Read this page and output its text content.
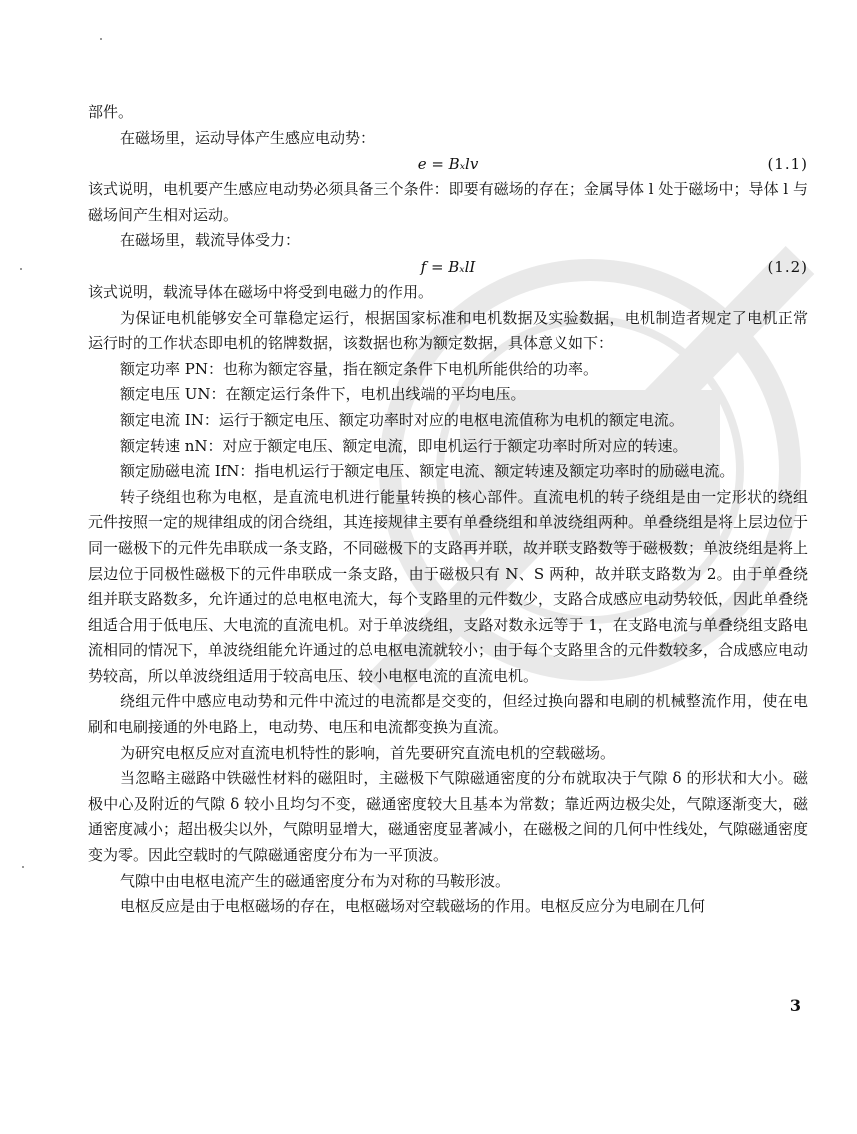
部件。

在磁场里，运动导体产生感应电动势：

e = Bₓlv	(1.1)

该式说明，电机要产生感应电动势必须具备三个条件：即要有磁场的存在；金属导体 l 处于磁场中；导体 l 与磁场间产生相对运动。

在磁场里，载流导体受力：

f = BₓlI	(1.2)

该式说明，载流导体在磁场中将受到电磁力的作用。

为保证电机能够安全可靠稳定运行，根据国家标准和电机数据及实验数据，电机制造者规定了电机正常运行时的工作状态即电机的铭牌数据，该数据也称为额定数据，具体意义如下：

额定功率 PN：也称为额定容量，指在额定条件下电机所能供给的功率。

额定电压 UN：在额定运行条件下，电机出线端的平均电压。

额定电流 IN：运行于额定电压、额定功率时对应的电枢电流值称为电机的额定电流。

额定转速 nN：对应于额定电压、额定电流，即电机运行于额定功率时所对应的转速。

额定励磁电流 IfN：指电机运行于额定电压、额定电流、额定转速及额定功率时的励磁电流。

转子绕组也称为电枢，是直流电机进行能量转换的核心部件。直流电机的转子绕组是由一定形状的绕组元件按照一定的规律组成的闭合绕组，其连接规律主要有单叠绕组和单波绕组两种。单叠绕组是将上层边位于同一磁极下的元件先串联成一条支路，不同磁极下的支路再并联，故并联支路数等于磁极数；单波绕组是将上层边位于同极性磁极下的元件串联成一条支路，由于磁极只有 N、S 两种，故并联支路数为 2。由于单叠绕组并联支路数多，允许通过的总电枢电流大，每个支路里的元件数少，支路合成感应电动势较低，因此单叠绕组适合用于低电压、大电流的直流电机。对于单波绕组，支路对数永远等于 1，在支路电流与单叠绕组支路电流相同的情况下，单波绕组能允许通过的总电枢电流就较小；由于每个支路里含的元件数较多，合成感应电动势较高，所以单波绕组适用于较高电压、较小电枢电流的直流电机。

绕组元件中感应电动势和元件中流过的电流都是交变的，但经过换向器和电刷的机械整流作用，使在电刷和电刷接通的外电路上，电动势、电压和电流都变换为直流。

为研究电枢反应对直流电机特性的影响，首先要研究直流电机的空载磁场。

当忽略主磁路中铁磁性材料的磁阻时，主磁极下气隙磁通密度的分布就取决于气隙 δ 的形状和大小。磁极中心及附近的气隙 δ 较小且均匀不变，磁通密度较大且基本为常数；靠近两边极尖处，气隙逐渐变大，磁通密度减小；超出极尖以外，气隙明显增大，磁通密度显著减小，在磁极之间的几何中性线处，气隙磁通密度变为零。因此空载时的气隙磁通密度分布为一平顶波。

气隙中由电枢电流产生的磁通密度分布为对称的马鞍形波。

电枢反应是由于电枢磁场的存在，电枢磁场对空载磁场的作用。电枢反应分为电刷在几何

3
